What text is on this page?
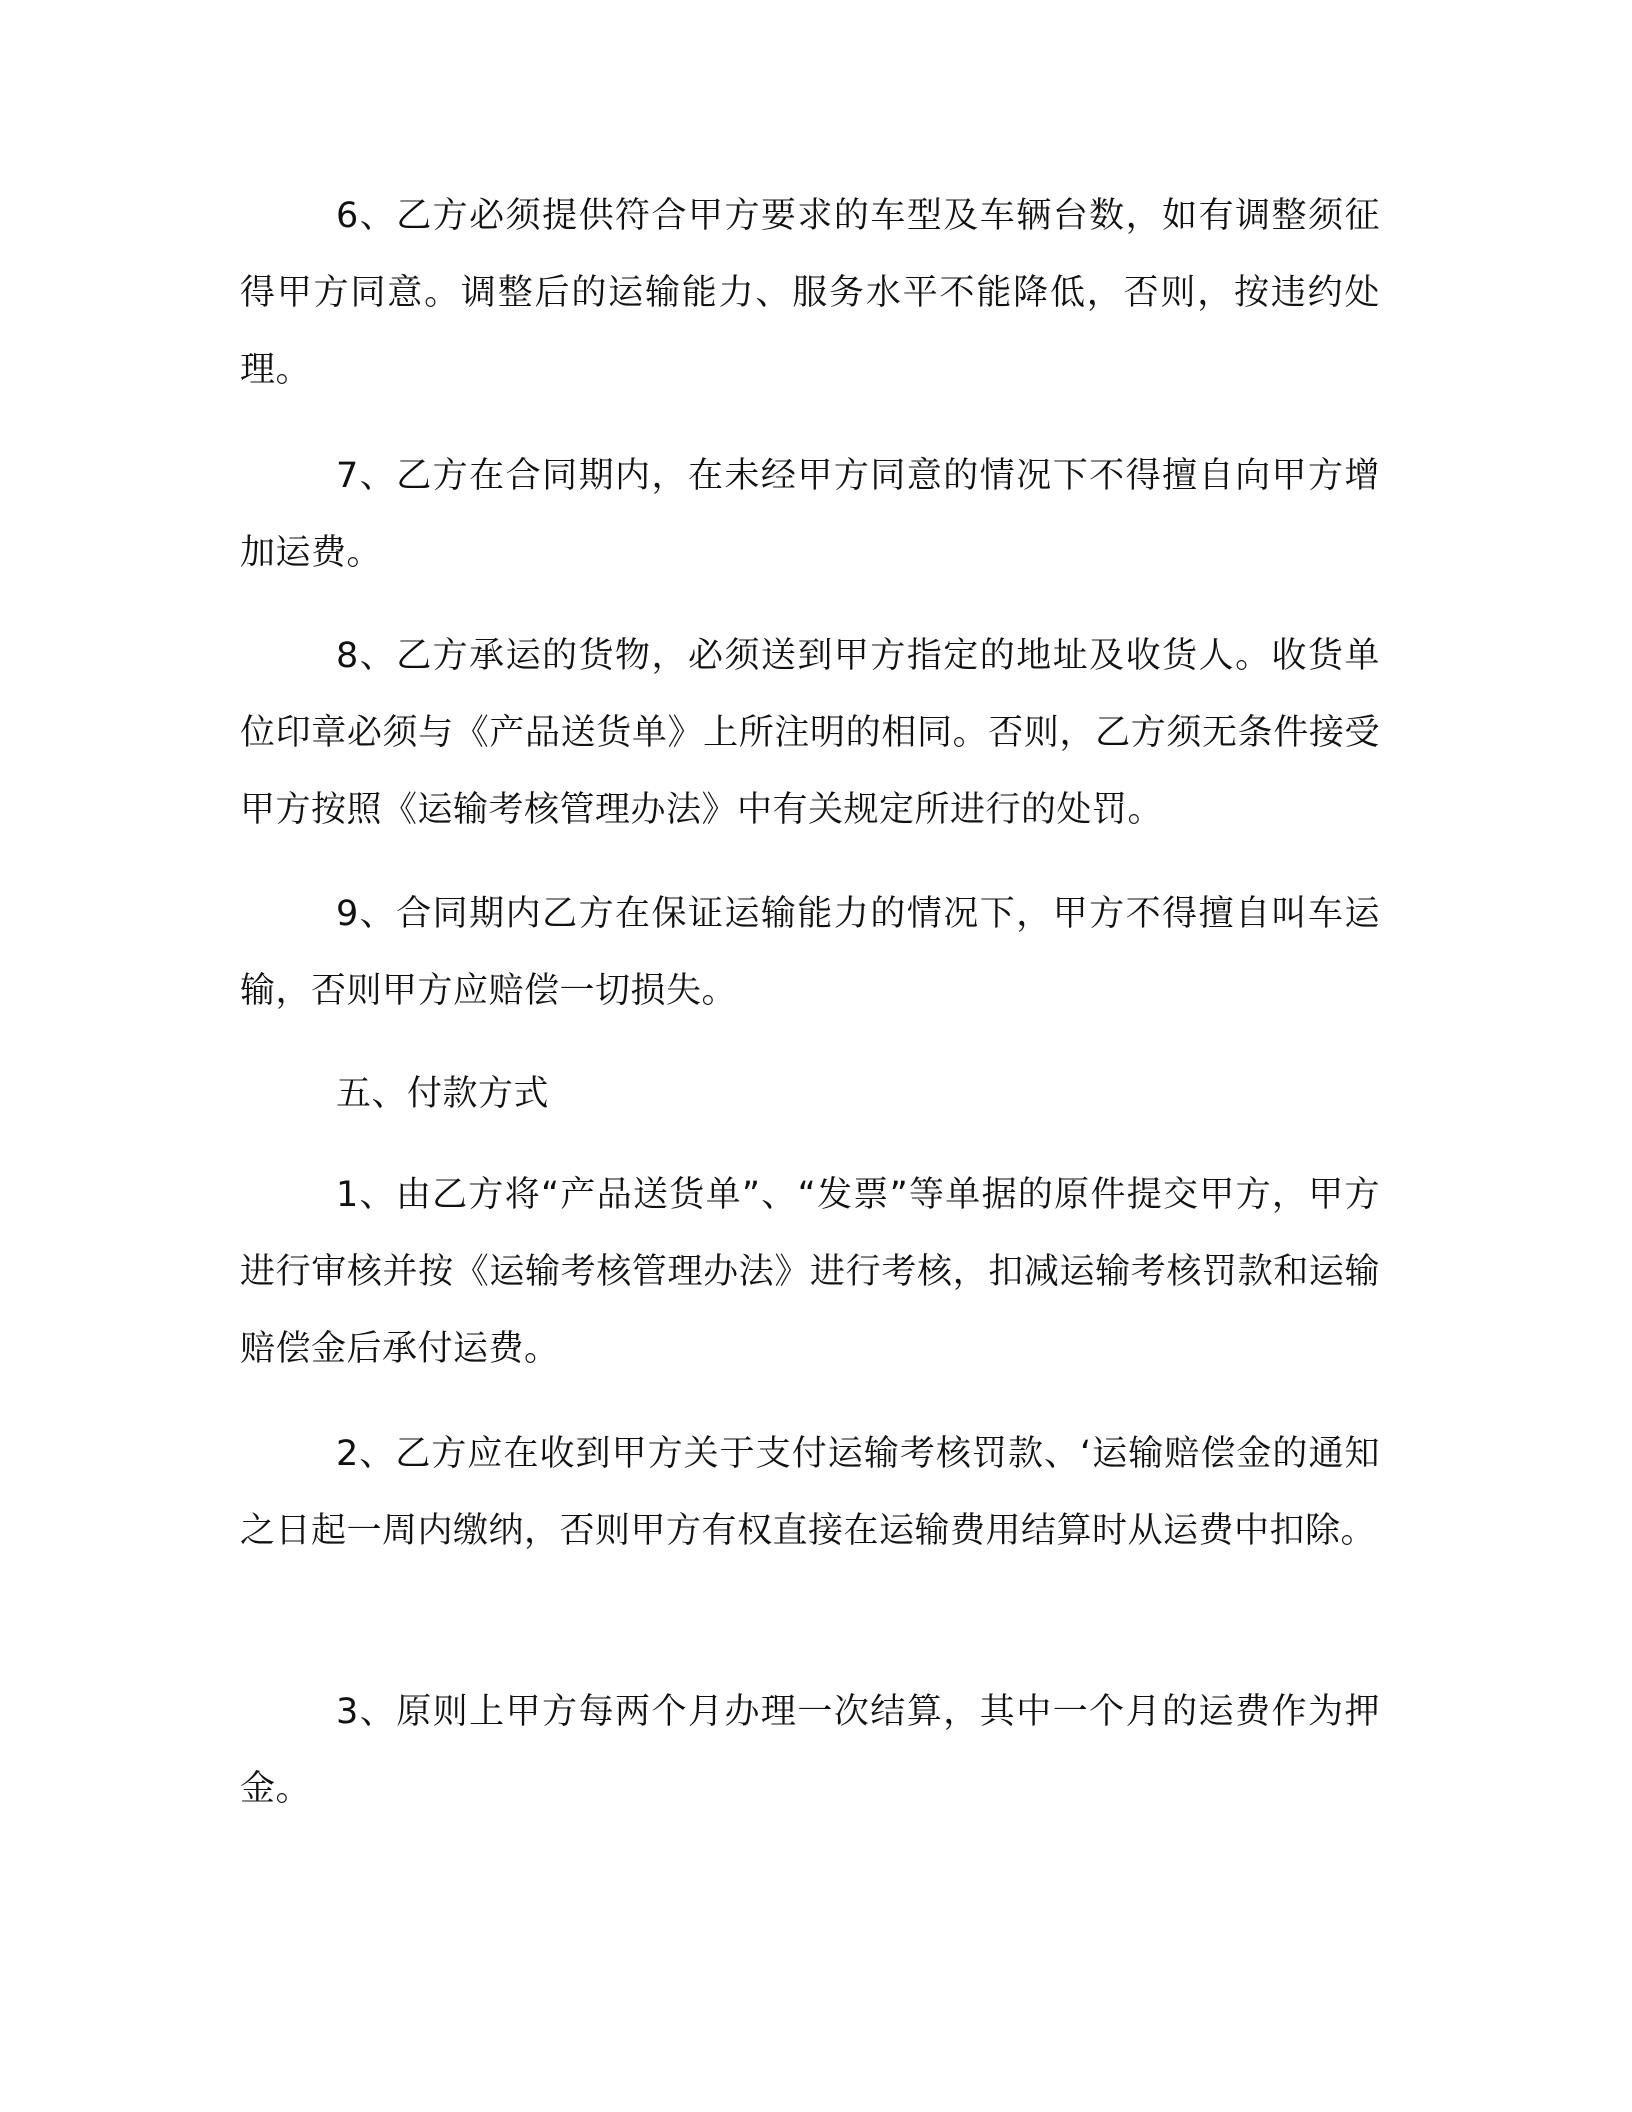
6、乙方必须提供符合甲方要求的车型及车辆台数，如有调整须征得甲方同意。调整后的运输能力、服务水平不能降低，否则，按违约处理。

7、乙方在合同期内，在未经甲方同意的情况下不得擅自向甲方增加运费。

8、乙方承运的货物，必须送到甲方指定的地址及收货人。收货单位印章必须与《产品送货单》上所注明的相同。否则，乙方须无条件接受甲方按照《运输考核管理办法》中有关规定所进行的处罚。

9、合同期内乙方在保证运输能力的情况下，甲方不得擅自叫车运输，否则甲方应赔偿一切损失。

五、付款方式

1、由乙方将“产品送货单”、“发票”等单据的原件提交甲方，甲方进行审核并按《运输考核管理办法》进行考核，扣减运输考核罚款和运输赔偿金后承付运费。

2、乙方应在收到甲方关于支付运输考核罚款、‘运输赔偿金的通知之日起一周内缴纳，否则甲方有权直接在运输费用结算时从运费中扣除。

3、原则上甲方每两个月办理一次结算，其中一个月的运费作为押金。
